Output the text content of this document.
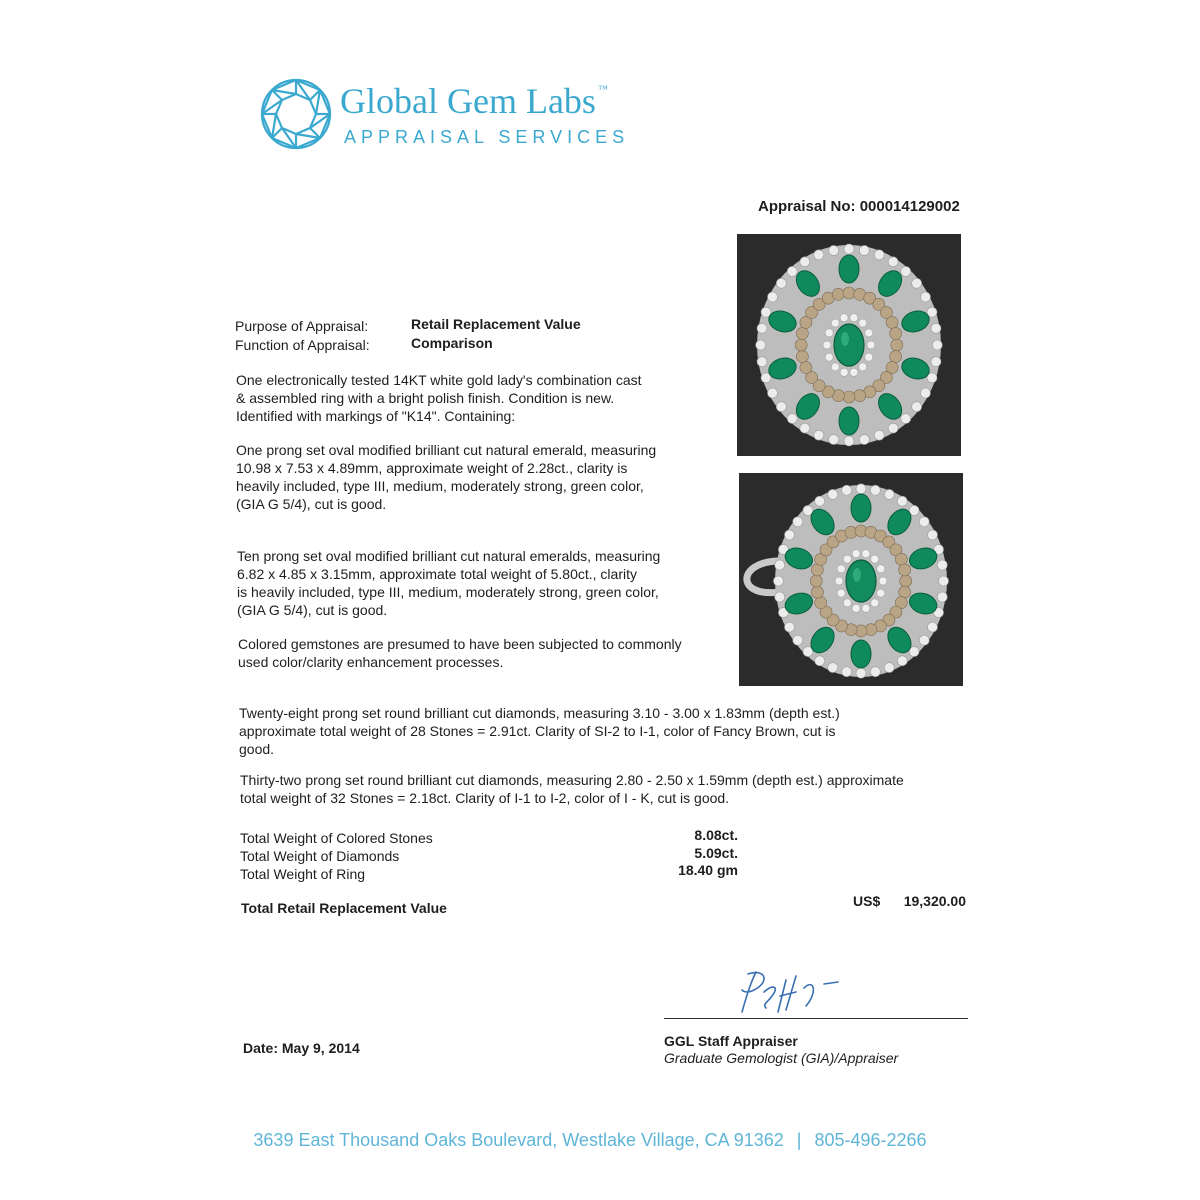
Global Gem Labs ™
APPRAISAL SERVICES
Appraisal No: 000014129002
Purpose of Appraisal:	Retail Replacement Value
Function of Appraisal:	Comparison

One electronically tested 14KT white gold lady's combination cast

& assembled ring with a bright polish finish. Condition is new.

Identified with markings of "K14". Containing:

One prong set oval modified brilliant cut natural emerald, measuring

10.98 x 7.53 x 4.89mm, approximate weight of 2.28ct., clarity is

heavily included, type III, medium, moderately strong, green color,

(GIA G 5/4), cut is good.

Ten prong set oval modified brilliant cut natural emeralds, measuring

6.82 x 4.85 x 3.15mm, approximate total weight of 5.80ct., clarity

is heavily included, type III, medium, moderately strong, green color,

(GIA G 5/4), cut is good.

Colored gemstones are presumed to have been subjected to commonly

used color/clarity enhancement processes.

Twenty-eight prong set round brilliant cut diamonds, measuring 3.10 - 3.00 x 1.83mm (depth est.)

approximate total weight of 28 Stones = 2.91ct. Clarity of SI-2 to I-1, color of Fancy Brown, cut is

good.

Thirty-two prong set round brilliant cut diamonds, measuring 2.80 - 2.50 x 1.59mm (depth est.) approximate

total weight of 32 Stones = 2.18ct. Clarity of I-1 to I-2, color of I - K, cut is good.

Total Weight of Colored Stones	8.08ct.
Total Weight of Diamonds	5.09ct.
Total Weight of Ring	18.40 gm
Total Retail Replacement Value	US$	19,320.00
GGL Staff Appraiser
Graduate Gemologist (GIA)/Appraiser
Date: May 9, 2014
3639 East Thousand Oaks Boulevard, Westlake Village, CA 91362 | 805-496-2266
